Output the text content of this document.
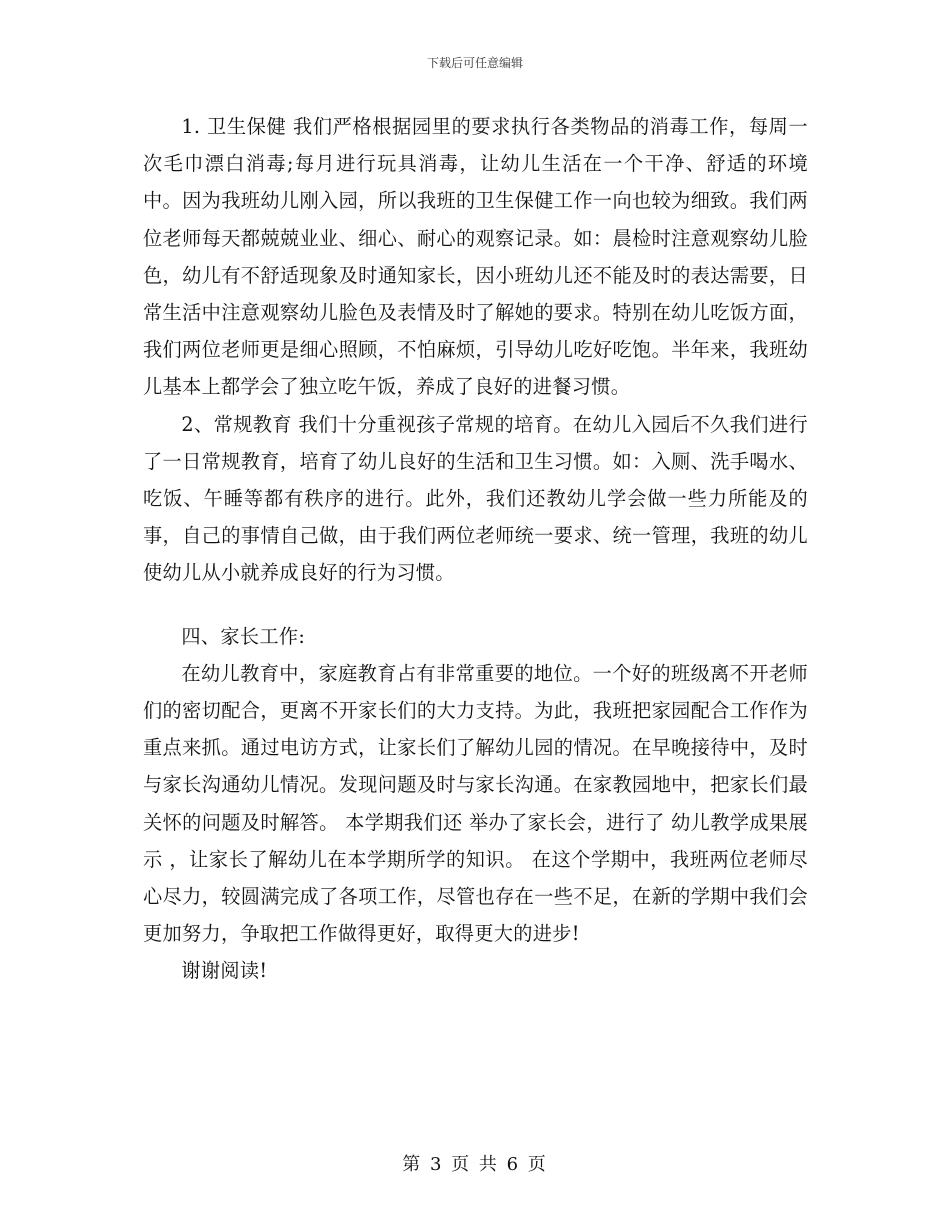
下载后可任意编辑

1. 卫生保健 我们严格根据园里的要求执行各类物品的消毒工作，每周一次毛巾漂白消毒;每月进行玩具消毒，让幼儿生活在一个干净、舒适的环境中。因为我班幼儿刚入园，所以我班的卫生保健工作一向也较为细致。我们两位老师每天都兢兢业业、细心、耐心的观察记录。如：晨检时注意观察幼儿脸色，幼儿有不舒适现象及时通知家长，因小班幼儿还不能及时的表达需要，日常生活中注意观察幼儿脸色及表情及时了解她的要求。特别在幼儿吃饭方面，我们两位老师更是细心照顾，不怕麻烦，引导幼儿吃好吃饱。半年来，我班幼儿基本上都学会了独立吃午饭，养成了良好的进餐习惯。

2、常规教育 我们十分重视孩子常规的培育。在幼儿入园后不久我们进行了一日常规教育，培育了幼儿良好的生活和卫生习惯。如：入厕、洗手喝水、吃饭、午睡等都有秩序的进行。此外，我们还教幼儿学会做一些力所能及的事，自己的事情自己做，由于我们两位老师统一要求、统一管理，我班的幼儿使幼儿从小就养成良好的行为习惯。

四、家长工作:

在幼儿教育中，家庭教育占有非常重要的地位。一个好的班级离不开老师们的密切配合，更离不开家长们的大力支持。为此，我班把家园配合工作作为重点来抓。通过电访方式，让家长们了解幼儿园的情况。在早晚接待中，及时与家长沟通幼儿情况。发现问题及时与家长沟通。在家教园地中，把家长们最关怀的问题及时解答。 本学期我们还 举办了家长会，进行了 幼儿教学成果展示 ，让家长了解幼儿在本学期所学的知识。 在这个学期中，我班两位老师尽心尽力，较圆满完成了各项工作，尽管也存在一些不足，在新的学期中我们会更加努力，争取把工作做得更好，取得更大的进步!

谢谢阅读!

第 3 页 共 6 页
